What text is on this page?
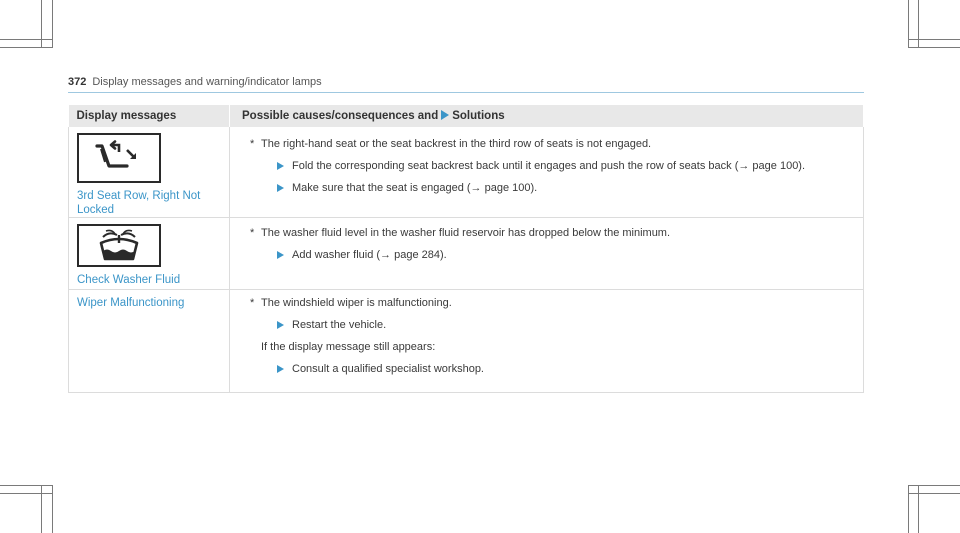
372 Display messages and warning/indicator lamps
Display messages	Possible causes/consequences and Solutions

3rd Seat Row, Right Not Locked	* The right-hand seat or the seat backrest in the third row of seats is not engaged.
Fold the corresponding seat backrest back until it engages and push the row of seats back (→ page 100).
Make sure that the seat is engaged (→ page 100).

Check Washer Fluid	* The washer fluid level in the washer fluid reservoir has dropped below the minimum.
Add washer fluid (→ page 284).

Wiper Malfunctioning	* The windshield wiper is malfunctioning.
Restart the vehicle.
If the display message still appears:
Consult a qualified specialist workshop.
